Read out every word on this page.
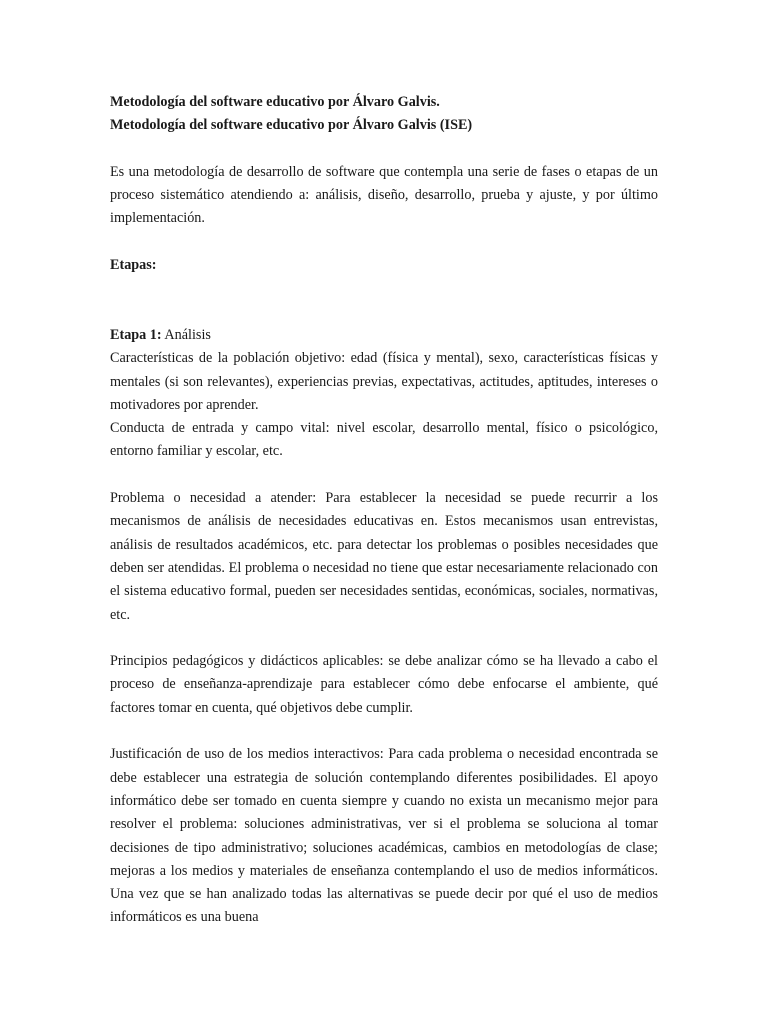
Metodología del software educativo por Álvaro Galvis.
Metodología del software educativo por Álvaro Galvis (ISE)

Es una metodología de desarrollo de software que contempla una serie de fases o etapas de un proceso sistemático atendiendo a: análisis, diseño, desarrollo, prueba y ajuste, y por último implementación.

Etapas:
Etapa 1: Análisis

Características de la población objetivo: edad (física y mental), sexo, características físicas y mentales (si son relevantes), experiencias previas, expectativas, actitudes, aptitudes, intereses o motivadores por aprender.

Conducta de entrada y campo vital: nivel escolar, desarrollo mental, físico o psicológico, entorno familiar y escolar, etc.

Problema o necesidad a atender: Para establecer la necesidad se puede recurrir a los mecanismos de análisis de necesidades educativas en. Estos mecanismos usan entrevistas, análisis de resultados académicos, etc. para detectar los problemas o posibles necesidades que deben ser atendidas. El problema o necesidad no tiene que estar necesariamente relacionado con el sistema educativo formal, pueden ser necesidades sentidas, económicas, sociales, normativas, etc.

Principios pedagógicos y didácticos aplicables: se debe analizar cómo se ha llevado a cabo el proceso de enseñanza-aprendizaje para establecer cómo debe enfocarse el ambiente, qué factores tomar en cuenta, qué objetivos debe cumplir.

Justificación de uso de los medios interactivos: Para cada problema o necesidad encontrada se debe establecer una estrategia de solución contemplando diferentes posibilidades. El apoyo informático debe ser tomado en cuenta siempre y cuando no exista un mecanismo mejor para resolver el problema: soluciones administrativas, ver si el problema se soluciona al tomar decisiones de tipo administrativo; soluciones académicas, cambios en metodologías de clase; mejoras a los medios y materiales de enseñanza contemplando el uso de medios informáticos. Una vez que se han analizado todas las alternativas se puede decir por qué el uso de medios informáticos es una buena
